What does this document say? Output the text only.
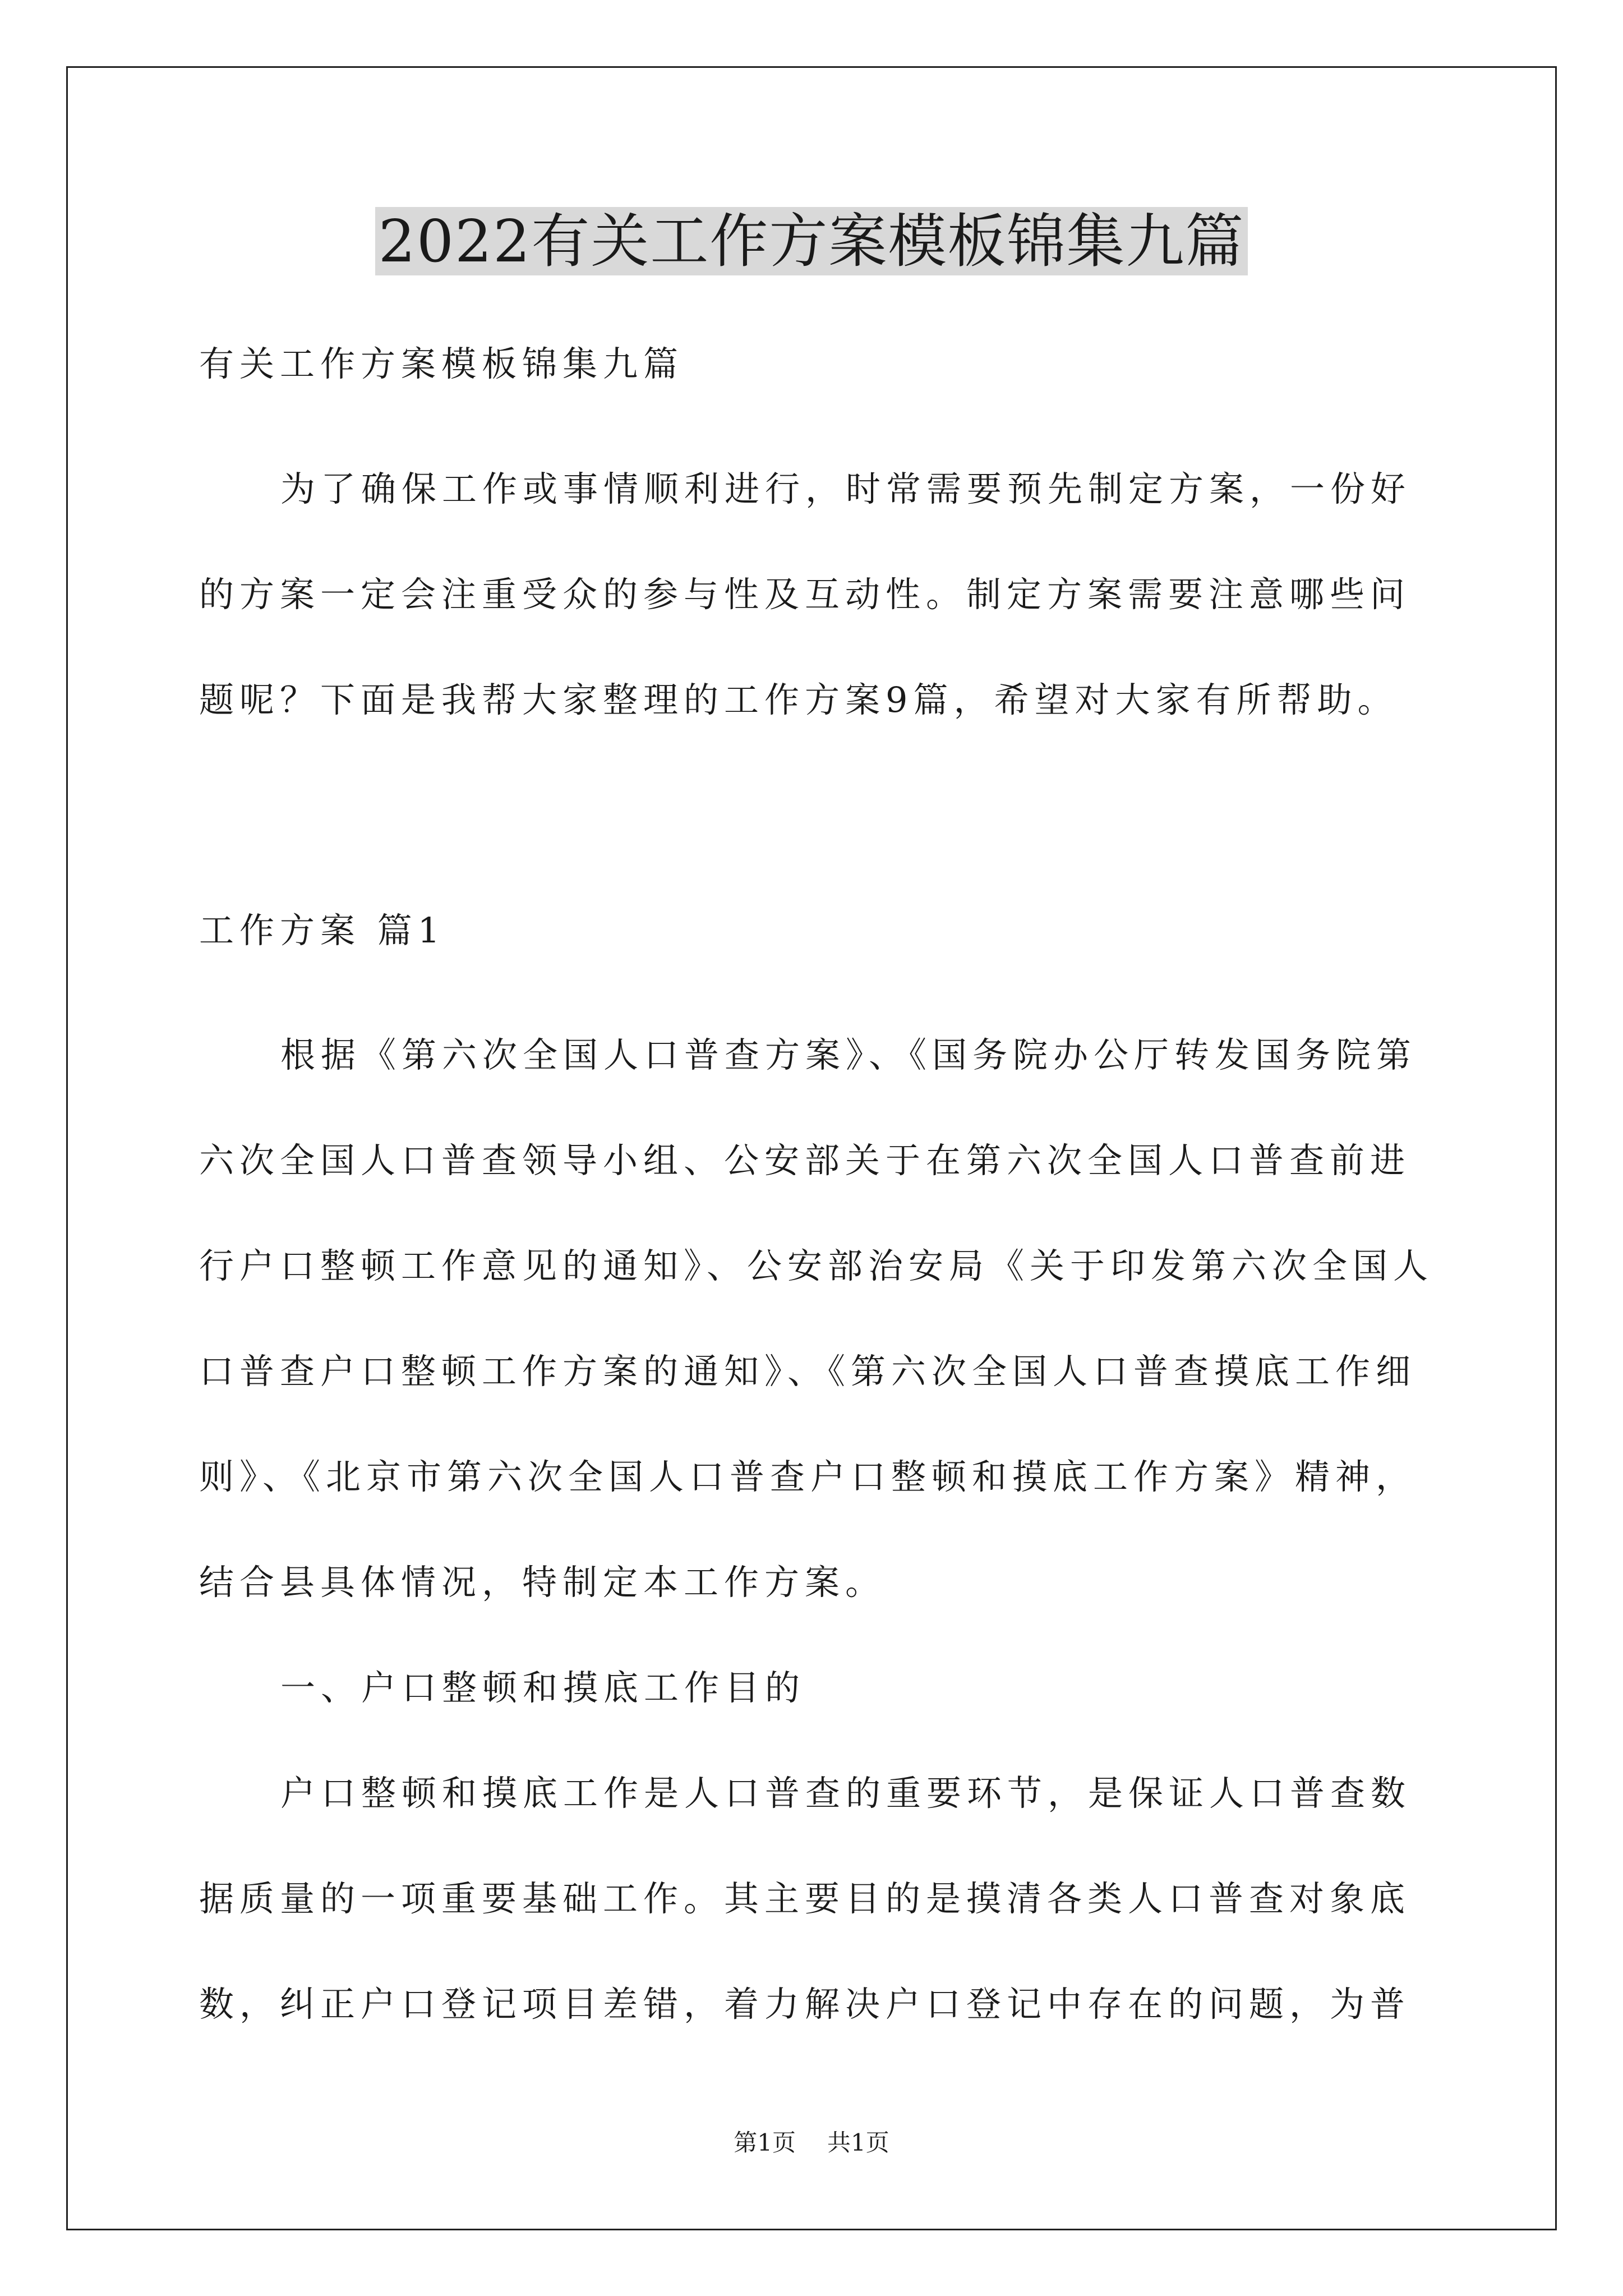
2022有关工作方案模板锦集九篇

有关工作方案模板锦集九篇

为了确保工作或事情顺利进行，时常需要预先制定方案，一份好

的方案一定会注重受众的参与性及互动性。制定方案需要注意哪些问

题呢？下面是我帮大家整理的工作方案9篇，希望对大家有所帮助。

工作方案 篇1

根据《第六次全国人口普查方案》、《国务院办公厅转发国务院第

六次全国人口普查领导小组、公安部关于在第六次全国人口普查前进

行户口整顿工作意见的通知》、公安部治安局《关于印发第六次全国人

口普查户口整顿工作方案的通知》、《第六次全国人口普查摸底工作细

则》、《北京市第六次全国人口普查户口整顿和摸底工作方案》精神，

结合县具体情况，特制定本工作方案。

一、户口整顿和摸底工作目的

户口整顿和摸底工作是人口普查的重要环节，是保证人口普查数

据质量的一项重要基础工作。其主要目的是摸清各类人口普查对象底

数，纠正户口登记项目差错，着力解决户口登记中存在的问题，为普

第1页 共1页
